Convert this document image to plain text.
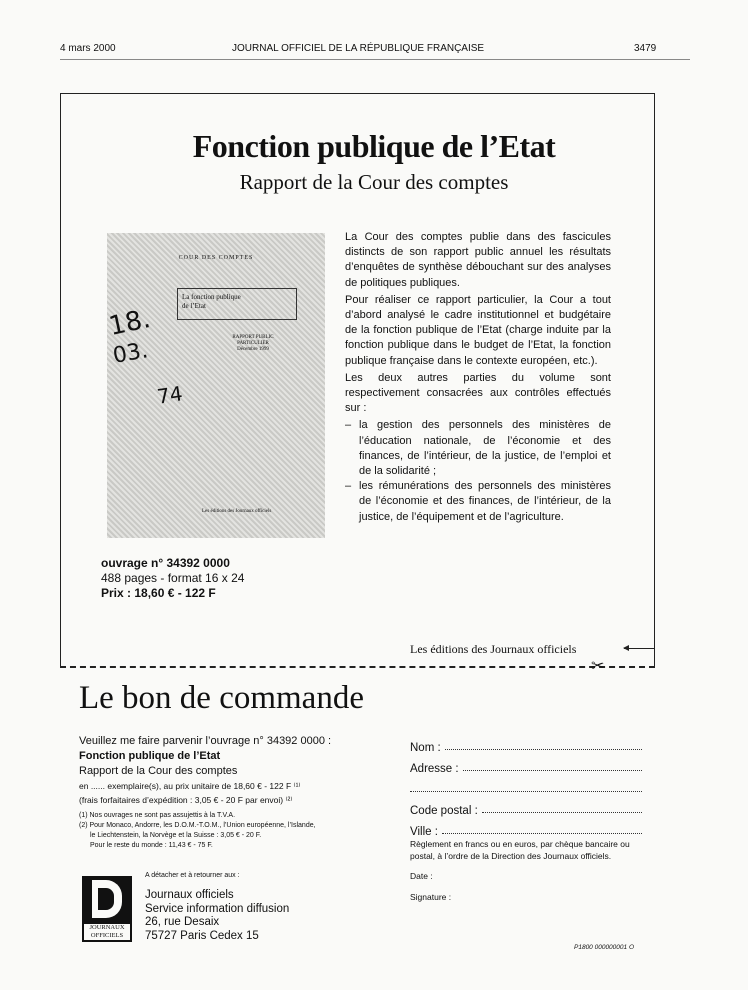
4 mars 2000	JOURNAL OFFICIEL DE LA RÉPUBLIQUE FRANÇAISE	3479
Fonction publique de l’Etat
Rapport de la Cour des comptes
COUR DES COMPTES
La fonction publique
de l’Etat
RAPPORT PUBLIC
PARTICULIER
Décembre 1999
18.
03.
74
Les éditions des Journaux officiels

La Cour des comptes publie dans des fascicules distincts de son rapport public annuel les résultats d’enquêtes de synthèse débouchant sur des analyses de politiques publiques.

Pour réaliser ce rapport particulier, la Cour a tout d’abord analysé le cadre institutionnel et budgétaire de la fonction publique de l’Etat (charge induite par la fonction publique dans le budget de l’Etat, la fonction publique française dans le contexte européen, etc.).

Les deux autres parties du volume sont respectivement consacrées aux contrôles effectués sur :

– la gestion des personnels des ministères de l’éducation nationale, de l’économie et des finances, de l’intérieur, de la justice, de l’emploi et de la solidarité ;
– les rémunérations des personnels des ministères de l’économie et des finances, de l’intérieur, de la justice, de l’équipement et de l’agriculture.
ouvrage n° 34392 0000
488 pages - format 16 x 24
Prix : 18,60 € - 122 F
Les éditions des Journaux officiels
✂
Le bon de commande
Veuillez me faire parvenir l’ouvrage n° 34392 0000 :
Fonction publique de l’Etat
Rapport de la Cour des comptes
en ...... exemplaire(s), au prix unitaire de 18,60 € - 122 F ⁽¹⁾
(frais forfaitaires d’expédition : 3,05 € - 20 F par envoi) ⁽²⁾
(1) Nos ouvrages ne sont pas assujettis à la T.V.A.
(2) Pour Monaco, Andorre, les D.O.M.-T.O.M., l’Union européenne, l’Islande,
le Liechtenstein, la Norvège et la Suisse : 3,05 € - 20 F.
Pour le reste du monde : 11,43 € - 75 F.
Nom :
Adresse :
Code postal :
Ville :
Règlement en francs ou en euros, par chèque bancaire ou postal, à l’ordre de la Direction des Journaux officiels.
Date :
Signature :
JOURNAUX
OFFICIELS
A détacher et à retourner aux :
Journaux officiels
Service information diffusion
26, rue Desaix
75727 Paris Cedex 15
P1800 000000001 O
